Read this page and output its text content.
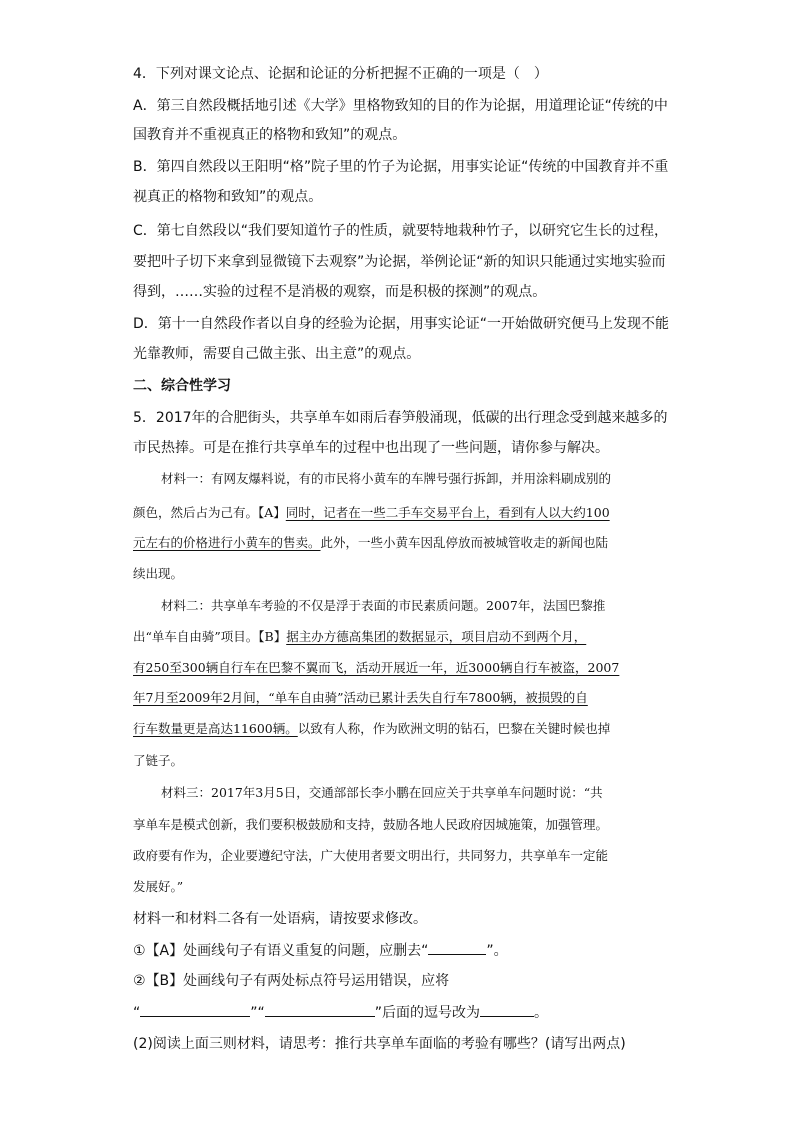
4．下列对课文论点、论据和论证的分析把握不正确的一项是（　）
A．第三自然段概括地引述《大学》里格物致知的目的作为论据，用道理论证“传统的中
国教育并不重视真正的格物和致知”的观点。
B．第四自然段以王阳明“格”院子里的竹子为论据，用事实论证“传统的中国教育并不重
视真正的格物和致知”的观点。
C．第七自然段以“我们要知道竹子的性质，就要特地栽种竹子，以研究它生长的过程，
要把叶子切下来拿到显微镜下去观察”为论据，举例论证“新的知识只能通过实地实验而
得到，……实验的过程不是消极的观察，而是积极的探测”的观点。
D．第十一自然段作者以自身的经验为论据，用事实论证“一开始做研究便马上发现不能
光靠教师，需要自己做主张、出主意”的观点。
二、综合性学习
5．2017年的合肥街头，共享单车如雨后春笋般涌现，低碳的出行理念受到越来越多的
市民热捧。可是在推行共享单车的过程中也出现了一些问题，请你参与解决。
材料一：有网友爆料说，有的市民将小黄车的车牌号强行拆卸，并用涂料刷成别的
颜色，然后占为己有。【A】同时，记者在一些二手车交易平台上，看到有人以大约100
元左右的价格进行小黄车的售卖。此外，一些小黄车因乱停放而被城管收走的新闻也陆
续出现。
材料二：共享单车考验的不仅是浮于表面的市民素质问题。2007年，法国巴黎推
出“单车自由骑”项目。【B】据主办方德高集团的数据显示，项目启动不到两个月，
有250至300辆自行车在巴黎不翼而飞，活动开展近一年，近3000辆自行车被盗，2007
年7月至2009年2月间，“单车自由骑”活动已累计丢失自行车7800辆，被损毁的自
行车数量更是高达11600辆。以致有人称，作为欧洲文明的钻石，巴黎在关键时候也掉
了链子。
材料三：2017年3月5日，交通部部长李小鹏在回应关于共享单车问题时说：“共
享单车是模式创新，我们要积极鼓励和支持，鼓励各地人民政府因城施策，加强管理。
政府要有作为，企业要遵纪守法，广大使用者要文明出行，共同努力，共享单车一定能
发展好。”
材料一和材料二各有一处语病，请按要求修改。
①【A】处画线句子有语义重复的问题，应删去“	”。
②【B】处画线句子有两处标点符号运用错误，应将
“	”“	”后面的逗号改为	。
(2)阅读上面三则材料，请思考：推行共享单车面临的考验有哪些？(请写出两点)
